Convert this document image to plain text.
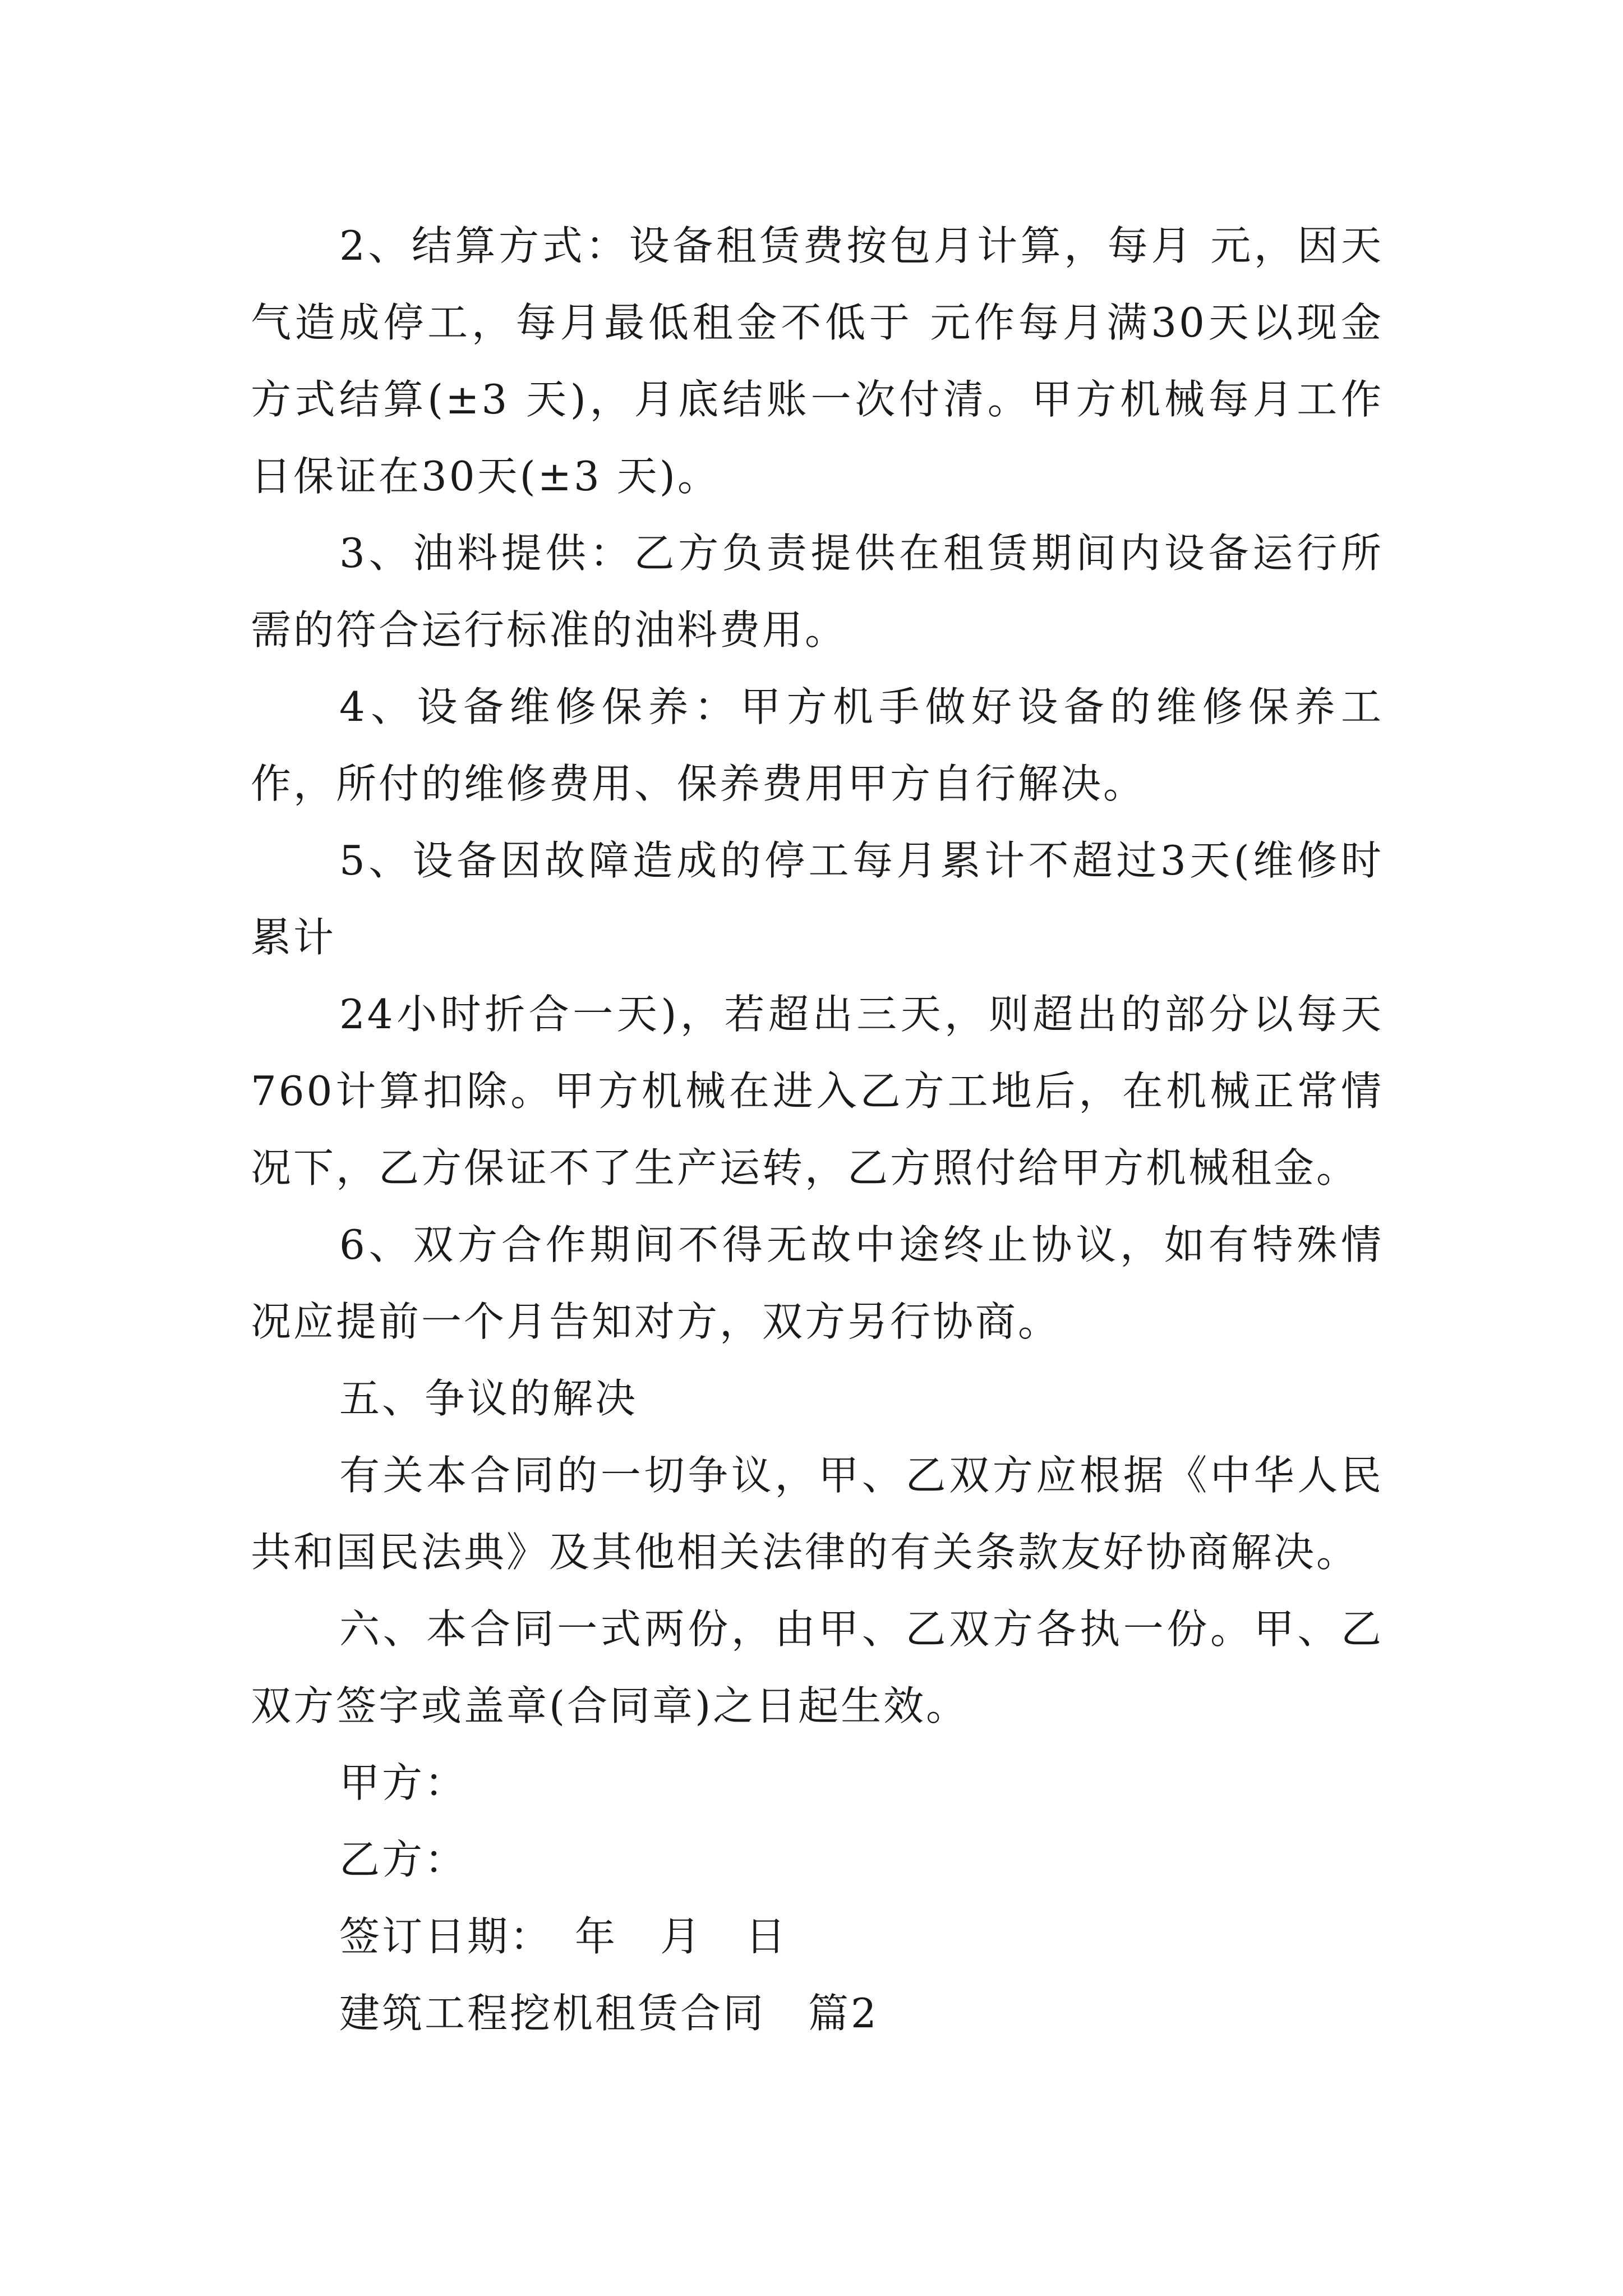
2、结算方式：设备租赁费按包月计算，每月 元，因天气造成停工，每月最低租金不低于 元作每月满30天以现金方式结算(±3 天)，月底结账一次付清。甲方机械每月工作日保证在30天(±3 天)。

3、油料提供：乙方负责提供在租赁期间内设备运行所需的符合运行标准的油料费用。

4、设备维修保养：甲方机手做好设备的维修保养工作，所付的维修费用、保养费用甲方自行解决。

5、设备因故障造成的停工每月累计不超过3天(维修时累计

24小时折合一天)，若超出三天，则超出的部分以每天760计算扣除。甲方机械在进入乙方工地后，在机械正常情况下，乙方保证不了生产运转，乙方照付给甲方机械租金。

6、双方合作期间不得无故中途终止协议，如有特殊情况应提前一个月告知对方，双方另行协商。

五、争议的解决

有关本合同的一切争议，甲、乙双方应根据《中华人民共和国民法典》及其他相关法律的有关条款友好协商解决。

六、本合同一式两份，由甲、乙双方各执一份。甲、乙双方签字或盖章(合同章)之日起生效。

甲方：

乙方：

签订日期：　年　月　日

建筑工程挖机租赁合同　篇2
